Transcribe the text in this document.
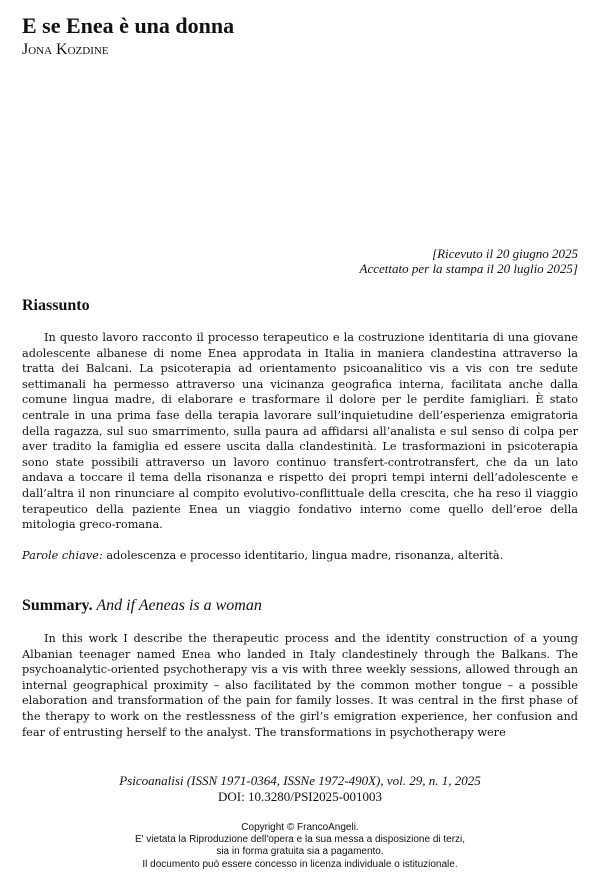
E se Enea è una donna
Jona Kozdine
[Ricevuto il 20 giugno 2025
Accettato per la stampa il 20 luglio 2025]
Riassunto

In questo lavoro racconto il processo terapeutico e la costruzione identitaria di una giovane adolescente albanese di nome Enea approdata in Italia in maniera clandestina attraverso la tratta dei Balcani. La psicoterapia ad orientamento psicoanalitico vis a vis con tre sedute settimanali ha permesso attraverso una vicinanza geografica interna, facilitata anche dalla comune lingua madre, di elaborare e trasformare il dolore per le perdite famigliari. È stato centrale in una prima fase della terapia lavorare sull’inquietudine dell’esperienza emigratoria della ragazza, sul suo smarrimento, sulla paura ad affidarsi all’analista e sul senso di colpa per aver tradito la famiglia ed essere uscita dalla clandestinità. Le trasformazioni in psicoterapia sono state possibili attraverso un lavoro continuo transfert-controtransfert, che da un lato andava a toccare il tema della risonanza e rispetto dei propri tempi interni dell’adolescente e dall’altra il non rinunciare al compito evolutivo-conflittuale della crescita, che ha reso il viaggio terapeutico della paziente Enea un viaggio fondativo interno come quello dell’eroe della mitologia greco-romana.

Parole chiave: adolescenza e processo identitario, lingua madre, risonanza, alterità.
Summary. And if Aeneas is a woman

In this work I describe the therapeutic process and the identity construction of a young Albanian teenager named Enea who landed in Italy clandestinely through the Balkans. The psychoanalytic-oriented psychotherapy vis a vis with three weekly sessions, allowed through an internal geographical proximity – also facilitated by the common mother tongue – a possible elaboration and transformation of the pain for family losses. It was central in the first phase of the therapy to work on the restlessness of the girl’s emigration experience, her confusion and fear of entrusting herself to the analyst. The transformations in psychotherapy were

Psicoanalisi (ISSN 1971-0364, ISSNe 1972-490X), vol. 29, n. 1, 2025
DOI: 10.3280/PSI2025-001003
Copyright © FrancoAngeli.
E' vietata la Riproduzione dell'opera e la sua messa a disposizione di terzi,
sia in forma gratuita sia a pagamento.
Il documento può essere concesso in licenza individuale o istituzionale.
